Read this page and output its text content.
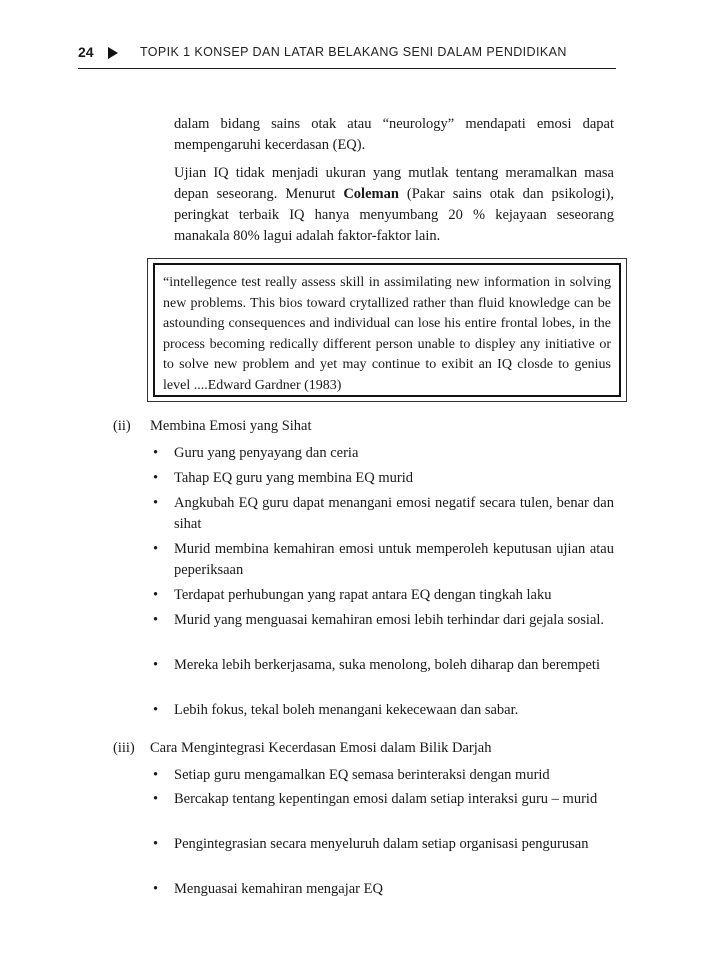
24	TOPIK 1 KONSEP DAN LATAR BELAKANG SENI DALAM PENDIDIKAN
dalam bidang sains otak atau “neurology” mendapati emosi dapat mempengaruhi kecerdasan (EQ).
Ujian IQ tidak menjadi ukuran yang mutlak tentang meramalkan masa depan seseorang. Menurut Coleman (Pakar sains otak dan psikologi), peringkat terbaik IQ hanya menyumbang 20 % kejayaan seseorang manakala 80% lagui adalah faktor-faktor lain.
“intellegence test really assess skill in assimilating new information in solving new problems. This bios toward crytallized rather than fluid knowledge can be astounding consequences and individual can lose his entire frontal lobes, in the process becoming redically different person unable to displey any initiative or to solve new problem and yet may continue to exibit an IQ closde to genius level ....Edward Gardner (1983)
(ii) Membina Emosi yang Sihat
• Guru yang penyayang dan ceria
• Tahap EQ guru yang membina EQ murid
• Angkubah EQ guru dapat menangani emosi negatif secara tulen, benar dan sihat
• Murid membina kemahiran emosi untuk memperoleh keputusan ujian atau peperiksaan
• Terdapat perhubungan yang rapat antara EQ dengan tingkah laku
• Murid yang menguasai kemahiran emosi lebih terhindar dari gejala sosial.
• Mereka lebih berkerjasama, suka menolong, boleh diharap dan berempeti
• Lebih fokus, tekal boleh menangani kekecewaan dan sabar.
(iii) Cara Mengintegrasi Kecerdasan Emosi dalam Bilik Darjah
• Setiap guru mengamalkan EQ semasa berinteraksi dengan murid
• Bercakap tentang kepentingan emosi dalam setiap interaksi guru – murid
• Pengintegrasian secara menyeluruh dalam setiap organisasi pengurusan
• Menguasai kemahiran mengajar EQ
